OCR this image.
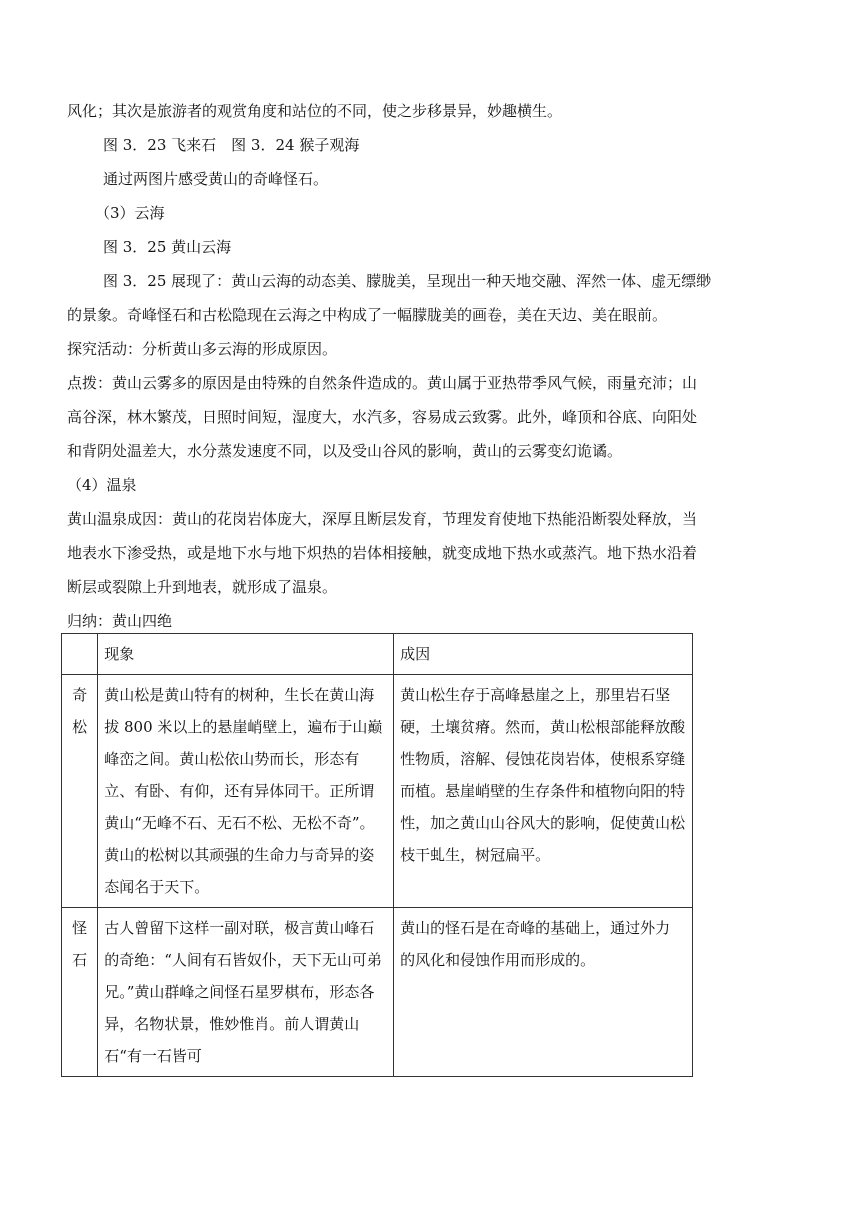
风化；其次是旅游者的观赏角度和站位的不同，使之步移景异，妙趣横生。
图 3．23 飞来石　图 3．24 猴子观海
通过两图片感受黄山的奇峰怪石。
（3）云海
图 3．25 黄山云海
图 3．25 展现了：黄山云海的动态美、朦胧美，呈现出一种天地交融、浑然一体、虚无缥缈
的景象。奇峰怪石和古松隐现在云海之中构成了一幅朦胧美的画卷，美在天边、美在眼前。
探究活动：分析黄山多云海的形成原因。
点拨：黄山云雾多的原因是由特殊的自然条件造成的。黄山属于亚热带季风气候，雨量充沛；山
高谷深，林木繁茂，日照时间短，湿度大，水汽多，容易成云致雾。此外，峰顶和谷底、向阳处
和背阴处温差大，水分蒸发速度不同，以及受山谷风的影响，黄山的云雾变幻诡谲。
（4）温泉
黄山温泉成因：黄山的花岗岩体庞大，深厚且断层发育，节理发育使地下热能沿断裂处释放，当
地表水下渗受热，或是地下水与地下炽热的岩体相接触，就变成地下热水或蒸汽。地下热水沿着
断层或裂隙上升到地表，就形成了温泉。
归纳：黄山四绝
	现象	成因

奇松	黄山松是黄山特有的树种，生长在黄山海拔 800 米以上的悬崖峭壁上，遍布于山巅峰峦之间。黄山松依山势而长，形态有立、有卧、有仰，还有异体同干。正所谓黄山“无峰不石、无石不松、无松不奇”。黄山的松树以其顽强的生命力与奇异的姿态闻名于天下。	黄山松生存于高峰悬崖之上，那里岩石坚硬，土壤贫瘠。然而，黄山松根部能释放酸性物质，溶解、侵蚀花岗岩体，使根系穿缝而植。悬崖峭壁的生存条件和植物向阳的特性，加之黄山山谷风大的影响，促使黄山松枝干虬生，树冠扁平。

怪石	古人曾留下这样一副对联，极言黄山峰石的奇绝：“人间有石皆奴仆，天下无山可弟兄。”黄山群峰之间怪石星罗棋布，形态各异，名物状景，惟妙惟肖。前人谓黄山石“有一石皆可	黄山的怪石是在奇峰的基础上，通过外力
的风化和侵蚀作用而形成的。
